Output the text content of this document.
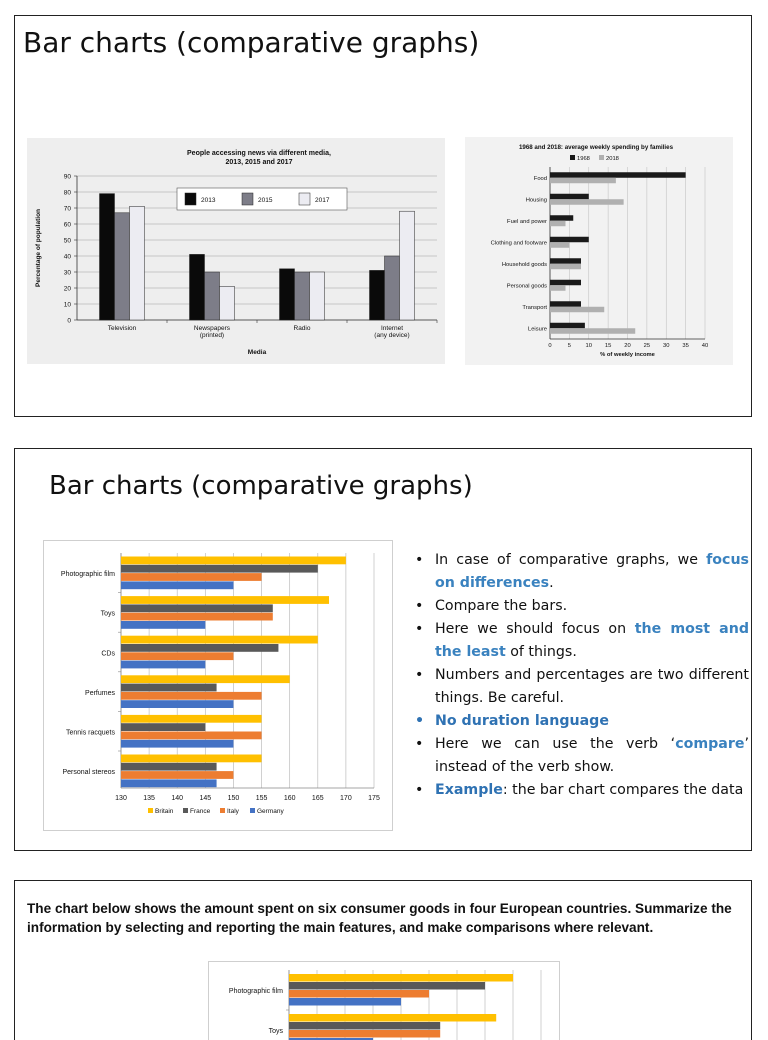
Bar charts (comparative graphs)
People accessing news via different media,
2013, 2015 and 2017
0
10
20
30
40
50
60
70
80
90
Percentage of population
Television	Newspapers
(printed)
Radio	Internet
(any device)
Media
2013	2015	2017
1968 and 2018: average weekly spending by families
1968	2018
0	5	10 15 20 25 30 35 40
Food
Housing
Fuel and power
Clothing and footware
Household goods
Personal goods
Transport
Leisure
% of weekly income
Bar charts (comparative graphs)
130 135 140 145 150 155 160 165 170 175
Photographic film
Toys
CDs
Perfumes
Tennis racquets
Personal stereos
Britain	France	Italy	Germany
• In case of comparative graphs, we focus on differences.
• Compare the bars.
• Here we should focus on the most and the least of things.
• Numbers and percentages are two different things. Be careful.
• No duration language
• Here we can use the verb ‘compare’ instead of the verb show.
• Example: the bar chart compares the data

The chart below shows the amount spent on six consumer goods in four European countries. Summarize the information by selecting and reporting the main features, and make comparisons where relevant.

Photographic film
Toys
